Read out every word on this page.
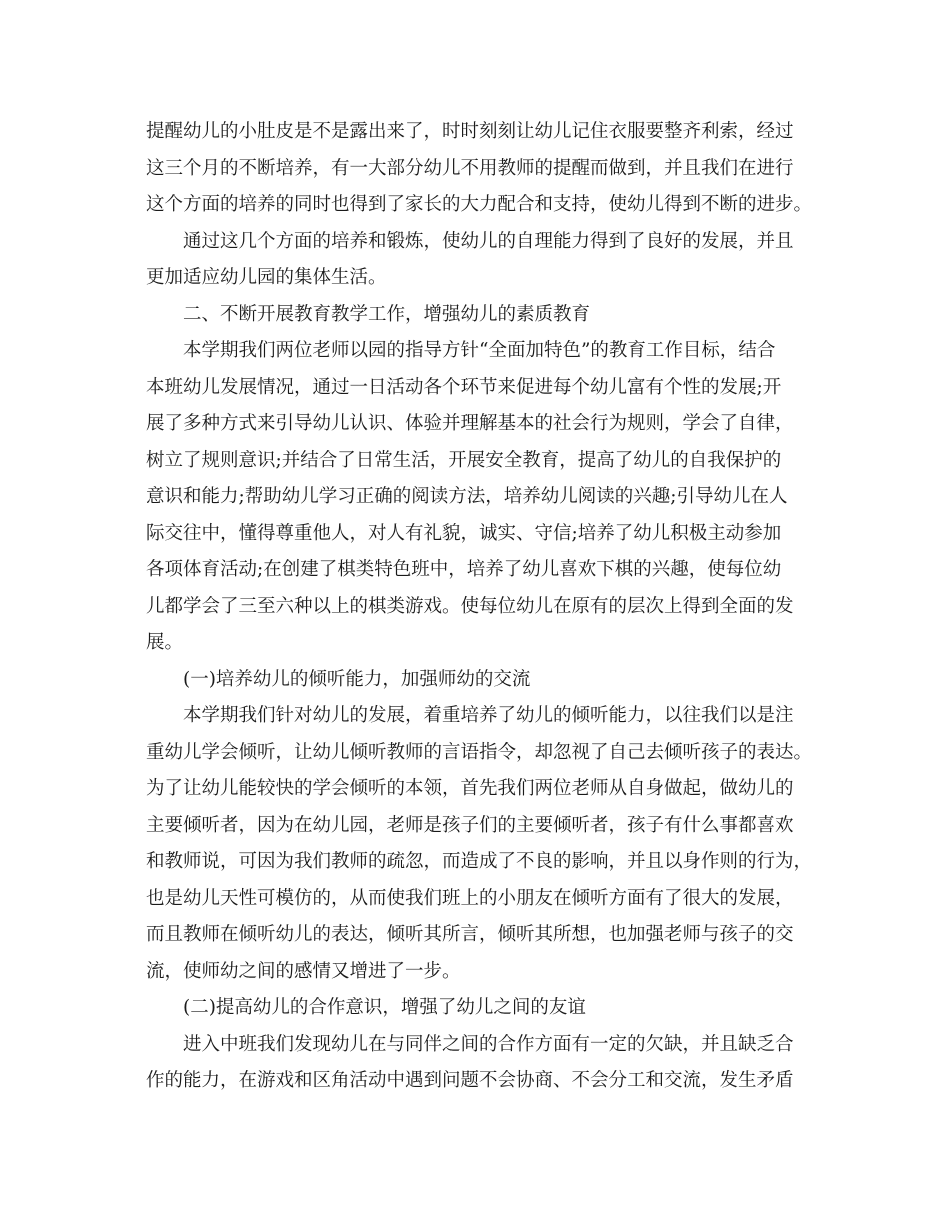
提醒幼儿的小肚皮是不是露出来了，时时刻刻让幼儿记住衣服要整齐利索，经过
这三个月的不断培养，有一大部分幼儿不用教师的提醒而做到，并且我们在进行
这个方面的培养的同时也得到了家长的大力配合和支持，使幼儿得到不断的进步。
通过这几个方面的培养和锻炼，使幼儿的自理能力得到了良好的发展，并且
更加适应幼儿园的集体生活。
二、不断开展教育教学工作，增强幼儿的素质教育
本学期我们两位老师以园的指导方针“全面加特色”的教育工作目标，结合
本班幼儿发展情况，通过一日活动各个环节来促进每个幼儿富有个性的发展;开
展了多种方式来引导幼儿认识、体验并理解基本的社会行为规则，学会了自律，
树立了规则意识;并结合了日常生活，开展安全教育，提高了幼儿的自我保护的
意识和能力;帮助幼儿学习正确的阅读方法，培养幼儿阅读的兴趣;引导幼儿在人
际交往中，懂得尊重他人，对人有礼貌，诚实、守信;培养了幼儿积极主动参加
各项体育活动;在创建了棋类特色班中，培养了幼儿喜欢下棋的兴趣，使每位幼
儿都学会了三至六种以上的棋类游戏。使每位幼儿在原有的层次上得到全面的发
展。
(一)培养幼儿的倾听能力，加强师幼的交流
本学期我们针对幼儿的发展，着重培养了幼儿的倾听能力，以往我们以是注
重幼儿学会倾听，让幼儿倾听教师的言语指令，却忽视了自己去倾听孩子的表达。
为了让幼儿能较快的学会倾听的本领，首先我们两位老师从自身做起，做幼儿的
主要倾听者，因为在幼儿园，老师是孩子们的主要倾听者，孩子有什么事都喜欢
和教师说，可因为我们教师的疏忽，而造成了不良的影响，并且以身作则的行为，
也是幼儿天性可模仿的，从而使我们班上的小朋友在倾听方面有了很大的发展，
而且教师在倾听幼儿的表达，倾听其所言，倾听其所想，也加强老师与孩子的交
流，使师幼之间的感情又增进了一步。
(二)提高幼儿的合作意识，增强了幼儿之间的友谊
进入中班我们发现幼儿在与同伴之间的合作方面有一定的欠缺，并且缺乏合
作的能力，在游戏和区角活动中遇到问题不会协商、不会分工和交流，发生矛盾
